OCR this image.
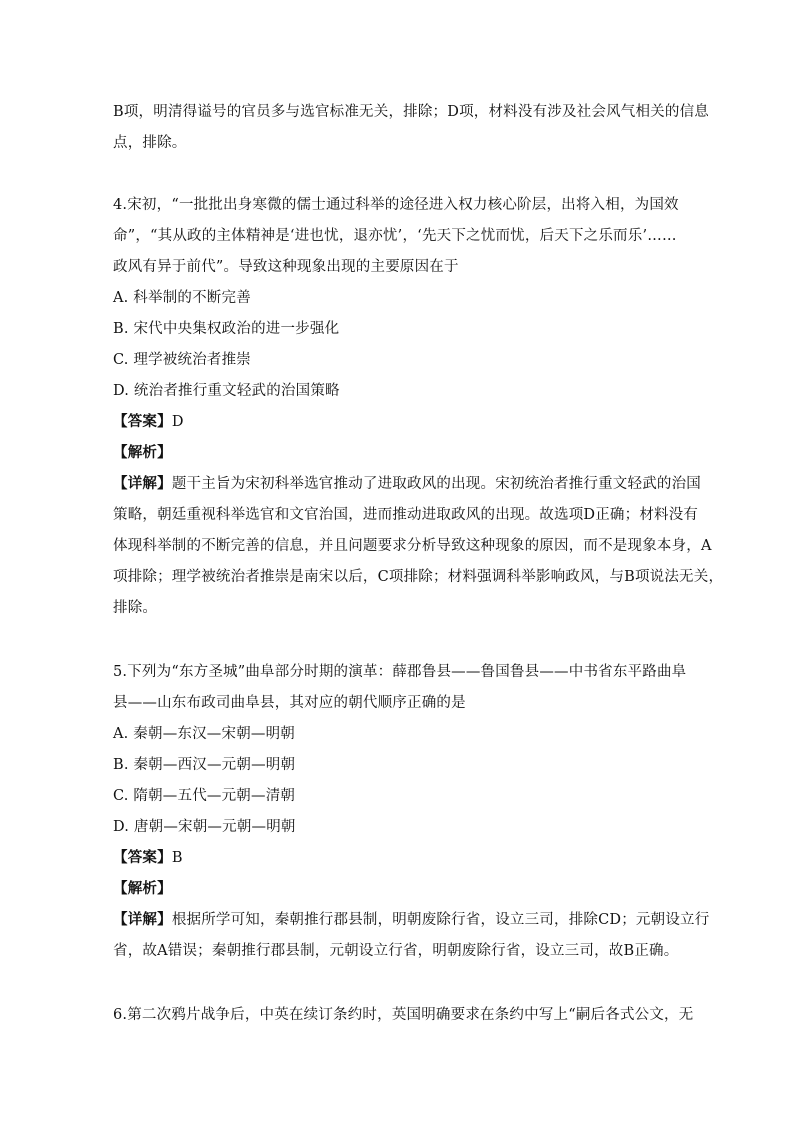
B项，明清得谥号的官员多与选官标准无关，排除；D项，材料没有涉及社会风气相关的信息
点，排除。
4.宋初，“一批批出身寒微的儒士通过科举的途径进入权力核心阶层，出将入相，为国效
命”，“其从政的主体精神是‘进也忧，退亦忧’，‘先天下之忧而忧，后天下之乐而乐’……
政风有异于前代”。导致这种现象出现的主要原因在于
A. 科举制的不断完善
B. 宋代中央集权政治的进一步强化
C. 理学被统治者推崇
D. 统治者推行重文轻武的治国策略
【答案】D
【解析】
【详解】题干主旨为宋初科举选官推动了进取政风的出现。宋初统治者推行重文轻武的治国
策略，朝廷重视科举选官和文官治国，进而推动进取政风的出现。故选项D正确；材料没有
体现科举制的不断完善的信息，并且问题要求分析导致这种现象的原因，而不是现象本身，A
项排除；理学被统治者推崇是南宋以后，C项排除；材料强调科举影响政风，与B项说法无关，
排除。
5.下列为“东方圣城”曲阜部分时期的演革：薛郡鲁县——鲁国鲁县——中书省东平路曲阜
县——山东布政司曲阜县，其对应的朝代顺序正确的是
A. 秦朝—东汉—宋朝—明朝
B. 秦朝—西汉—元朝—明朝
C. 隋朝—五代—元朝—清朝
D. 唐朝—宋朝—元朝—明朝
【答案】B
【解析】
【详解】根据所学可知，秦朝推行郡县制，明朝废除行省，设立三司，排除CD；元朝设立行
省，故A错误；秦朝推行郡县制，元朝设立行省，明朝废除行省，设立三司，故B正确。
6.第二次鸦片战争后，中英在续订条约时，英国明确要求在条约中写上“嗣后各式公文，无
